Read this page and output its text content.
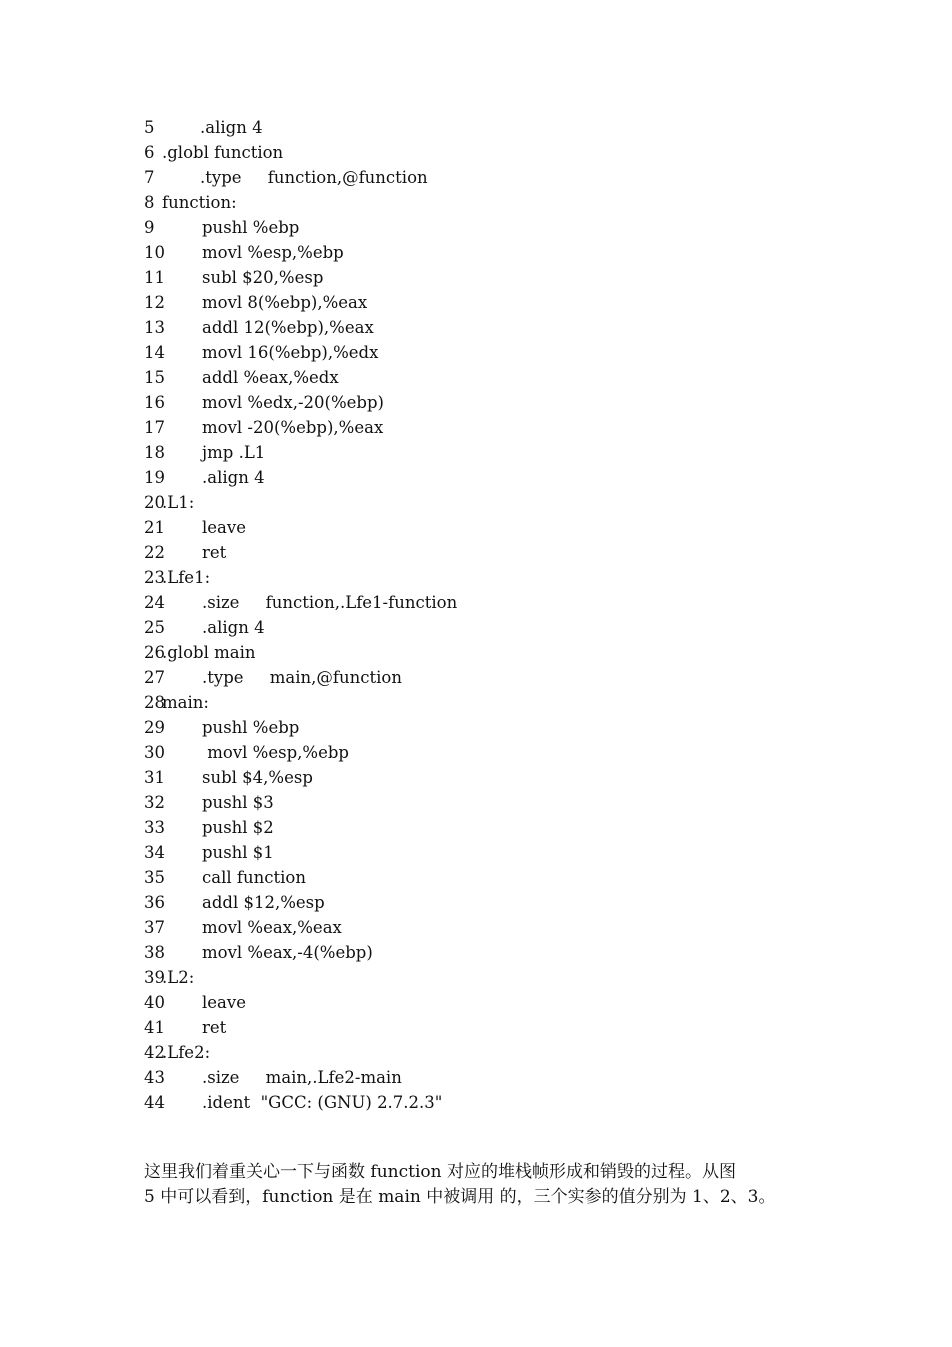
5	.align 4
6 .globl function
7	.type     function,@function
8 function:
9	pushl %ebp
10 movl %esp,%ebp
11 subl $20,%esp
12 movl 8(%ebp),%eax
13 addl 12(%ebp),%eax
14 movl 16(%ebp),%edx
15 addl %eax,%edx
16 movl %edx,-20(%ebp)
17 movl -20(%ebp),%eax
18 jmp .L1
19 .align 4
20.L1:
21 leave
22 ret
23.Lfe1:
24 .size     function,.Lfe1-function
25 .align 4
26.globl main
27 .type     main,@function
28main:
29 pushl %ebp
30 movl %esp,%ebp
31 subl $4,%esp
32 pushl $3
33 pushl $2
34 pushl $1
35 call function
36 addl $12,%esp
37 movl %eax,%eax
38 movl %eax,-4(%ebp)
39.L2:
40 leave
41 ret
42.Lfe2:
43 .size     main,.Lfe2-main
44 .ident  "GCC: (GNU) 2.7.2.3"

这里我们着重关心一下与函数 function 对应的堆栈帧形成和销毁的过程。从图

5 中可以看到，function 是在 main 中被调用 的，三个实参的值分别为 1、2、3。
